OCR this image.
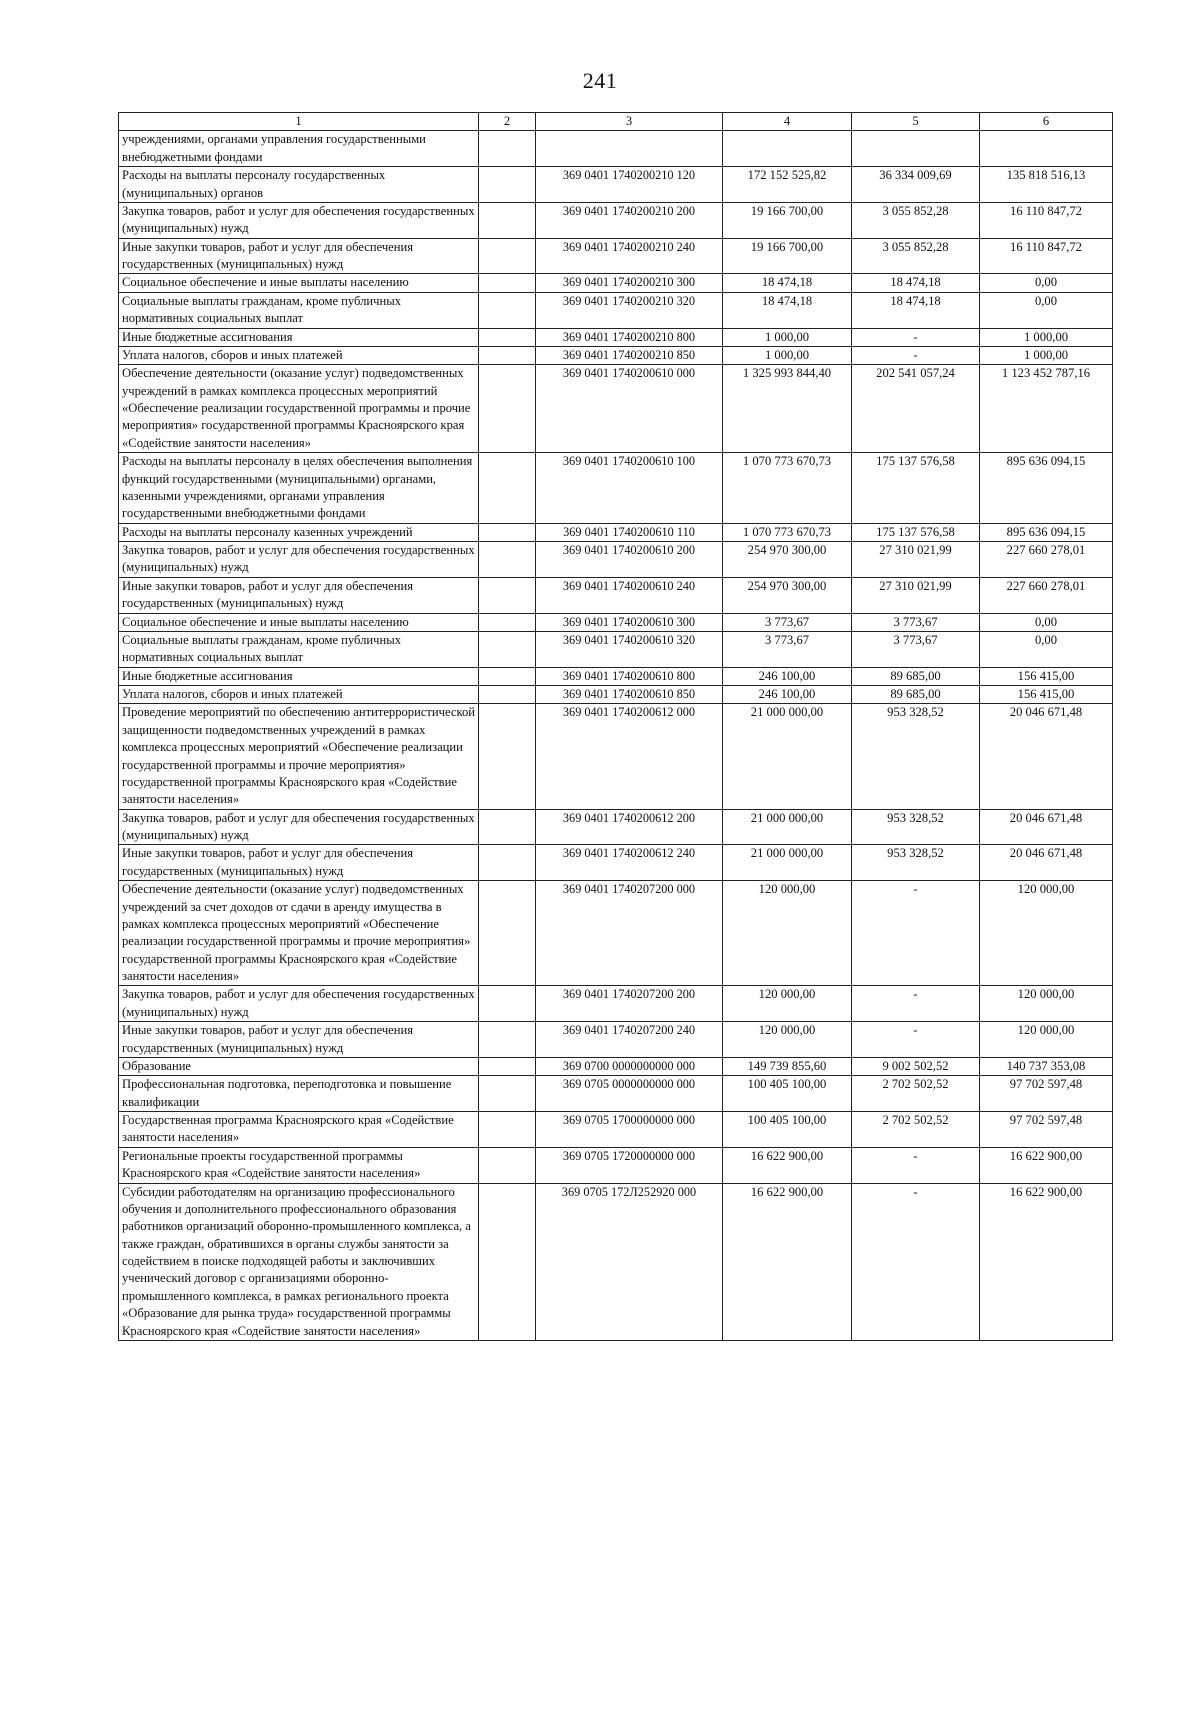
241
1	2	3	4	5	6
учреждениями, органами управления государственными внебюджетными фондами					
Расходы на выплаты персоналу государственных (муниципальных) органов		369 0401 1740200210 120	172 152 525,82	36 334 009,69	135 818 516,13
Закупка товаров, работ и услуг для обеспечения государственных (муниципальных) нужд		369 0401 1740200210 200	19 166 700,00	3 055 852,28	16 110 847,72
Иные закупки товаров, работ и услуг для обеспечения государственных (муниципальных) нужд		369 0401 1740200210 240	19 166 700,00	3 055 852,28	16 110 847,72
Социальное обеспечение и иные выплаты населению		369 0401 1740200210 300	18 474,18	18 474,18	0,00
Социальные выплаты гражданам, кроме публичных нормативных социальных выплат		369 0401 1740200210 320	18 474,18	18 474,18	0,00
Иные бюджетные ассигнования		369 0401 1740200210 800	1 000,00	-	1 000,00
Уплата налогов, сборов и иных платежей		369 0401 1740200210 850	1 000,00	-	1 000,00
Обеспечение деятельности (оказание услуг) подведомственных учреждений в рамках комплекса процессных мероприятий «Обеспечение реализации государственной программы и прочие мероприятия» государственной программы Красноярского края «Содействие занятости населения»		369 0401 1740200610 000	1 325 993 844,40	202 541 057,24	1 123 452 787,16
Расходы на выплаты персоналу в целях обеспечения выполнения функций государственными (муниципальными) органами, казенными учреждениями, органами управления государственными внебюджетными фондами		369 0401 1740200610 100	1 070 773 670,73	175 137 576,58	895 636 094,15
Расходы на выплаты персоналу казенных учреждений		369 0401 1740200610 110	1 070 773 670,73	175 137 576,58	895 636 094,15
Закупка товаров, работ и услуг для обеспечения государственных (муниципальных) нужд		369 0401 1740200610 200	254 970 300,00	27 310 021,99	227 660 278,01
Иные закупки товаров, работ и услуг для обеспечения государственных (муниципальных) нужд		369 0401 1740200610 240	254 970 300,00	27 310 021,99	227 660 278,01
Социальное обеспечение и иные выплаты населению		369 0401 1740200610 300	3 773,67	3 773,67	0,00
Социальные выплаты гражданам, кроме публичных нормативных социальных выплат		369 0401 1740200610 320	3 773,67	3 773,67	0,00
Иные бюджетные ассигнования		369 0401 1740200610 800	246 100,00	89 685,00	156 415,00
Уплата налогов, сборов и иных платежей		369 0401 1740200610 850	246 100,00	89 685,00	156 415,00
Проведение мероприятий по обеспечению антитеррористической защищенности подведомственных учреждений в рамках комплекса процессных мероприятий «Обеспечение реализации государственной программы и прочие мероприятия» государственной программы Красноярского края «Содействие занятости населения»		369 0401 1740200612 000	21 000 000,00	953 328,52	20 046 671,48
Закупка товаров, работ и услуг для обеспечения государственных (муниципальных) нужд		369 0401 1740200612 200	21 000 000,00	953 328,52	20 046 671,48
Иные закупки товаров, работ и услуг для обеспечения государственных (муниципальных) нужд		369 0401 1740200612 240	21 000 000,00	953 328,52	20 046 671,48
Обеспечение деятельности (оказание услуг) подведомственных учреждений за счет доходов от сдачи в аренду имущества в рамках комплекса процессных мероприятий «Обеспечение реализации государственной программы и прочие мероприятия» государственной программы Красноярского края «Содействие занятости населения»		369 0401 1740207200 000	120 000,00	-	120 000,00
Закупка товаров, работ и услуг для обеспечения государственных (муниципальных) нужд		369 0401 1740207200 200	120 000,00	-	120 000,00
Иные закупки товаров, работ и услуг для обеспечения государственных (муниципальных) нужд		369 0401 1740207200 240	120 000,00	-	120 000,00
Образование		369 0700 0000000000 000	149 739 855,60	9 002 502,52	140 737 353,08
Профессиональная подготовка, переподготовка и повышение квалификации		369 0705 0000000000 000	100 405 100,00	2 702 502,52	97 702 597,48
Государственная программа Красноярского края «Содействие занятости населения»		369 0705 1700000000 000	100 405 100,00	2 702 502,52	97 702 597,48
Региональные проекты государственной программы Красноярского края «Содействие занятости населения»		369 0705 1720000000 000	16 622 900,00	-	16 622 900,00
Субсидии работодателям на организацию профессионального обучения и дополнительного профессионального образования работников организаций оборонно-промышленного комплекса, а также граждан, обратившихся в органы службы занятости за содействием в поиске подходящей работы и заключивших ученический договор с организациями оборонно-промышленного комплекса, в рамках регионального проекта «Образование для рынка труда» государственной программы Красноярского края «Содействие занятости населения»		369 0705 172Л252920 000	16 622 900,00	-	16 622 900,00
